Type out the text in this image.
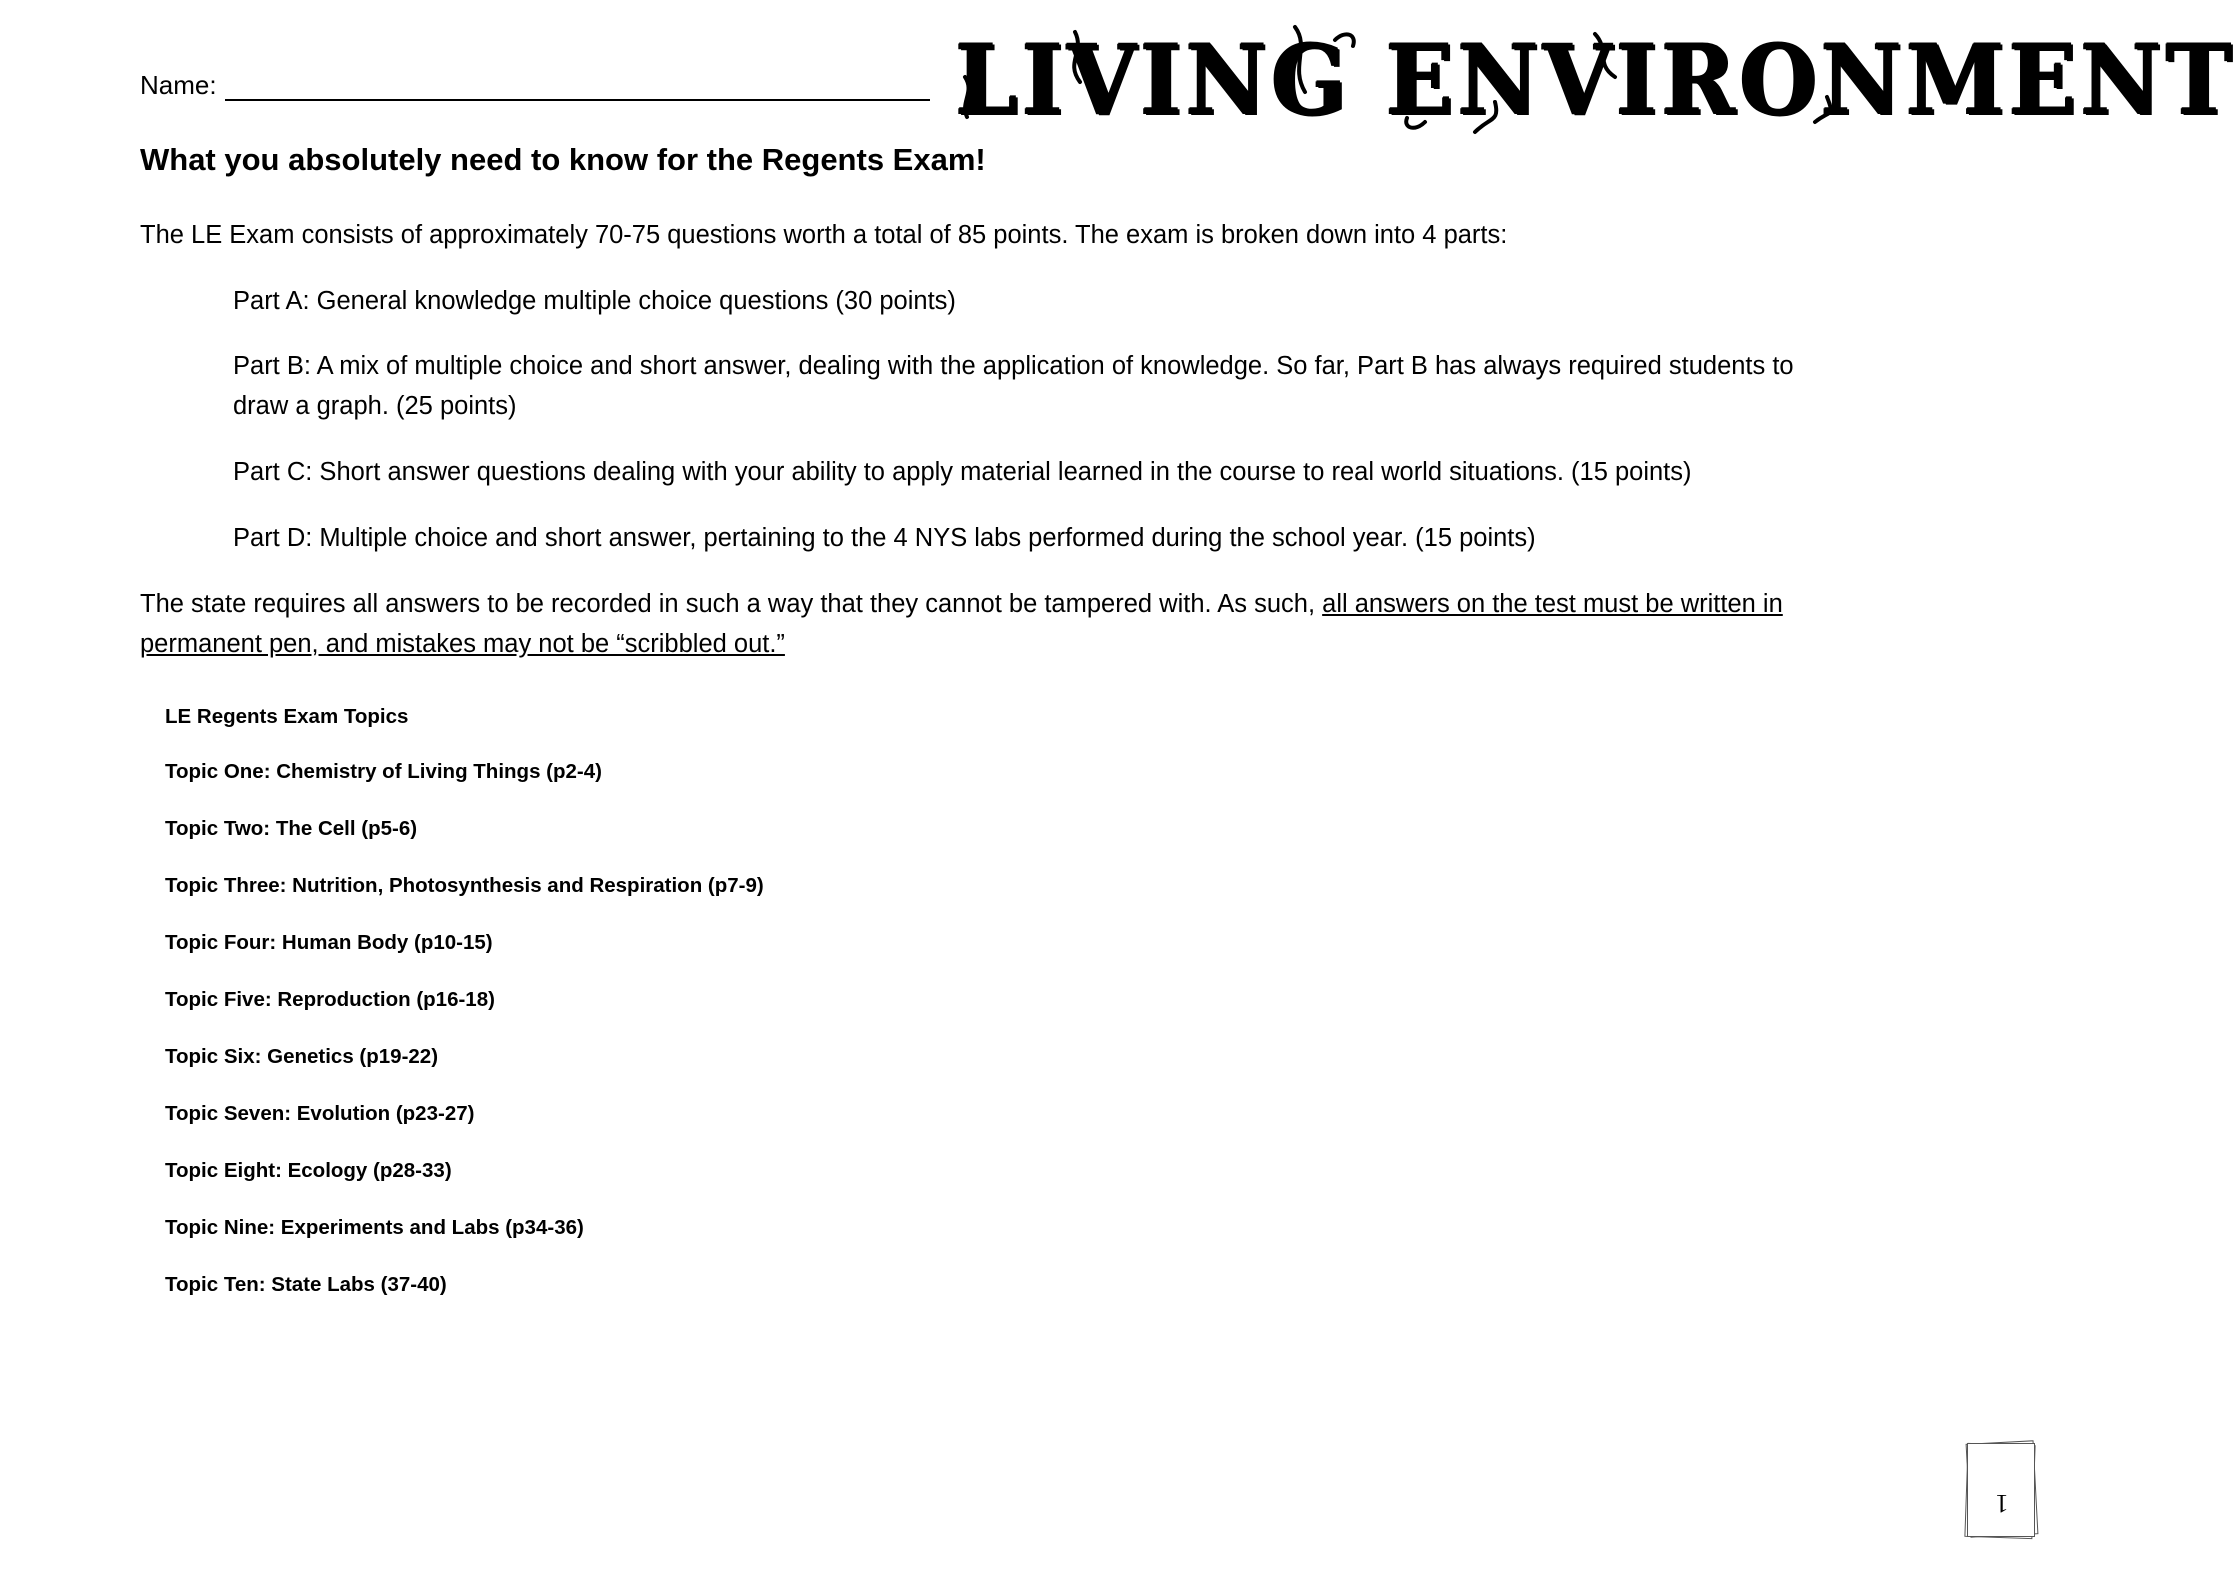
Name:	LIVING ENVIRONMENT
What you absolutely need to know for the Regents Exam!
The LE Exam consists of approximately 70-75 questions worth a total of 85 points. The exam is broken down into 4 parts:
Part A: General knowledge multiple choice questions (30 points)
Part B: A mix of multiple choice and short answer, dealing with the application of knowledge. So far, Part B has always required students to draw a graph. (25 points)
Part C: Short answer questions dealing with your ability to apply material learned in the course to real world situations. (15 points)
Part D: Multiple choice and short answer, pertaining to the 4 NYS labs performed during the school year. (15 points)
The state requires all answers to be recorded in such a way that they cannot be tampered with. As such, all answers on the test must be written in permanent pen, and mistakes may not be “scribbled out.”
LE Regents Exam Topics
Topic One: Chemistry of Living Things (p2-4)
Topic Two: The Cell (p5-6)
Topic Three: Nutrition, Photosynthesis and Respiration (p7-9)
Topic Four: Human Body (p10-15)
Topic Five: Reproduction (p16-18)
Topic Six: Genetics (p19-22)
Topic Seven: Evolution (p23-27)
Topic Eight: Ecology (p28-33)
Topic Nine: Experiments and Labs (p34-36)
Topic Ten: State Labs (37-40)
1
